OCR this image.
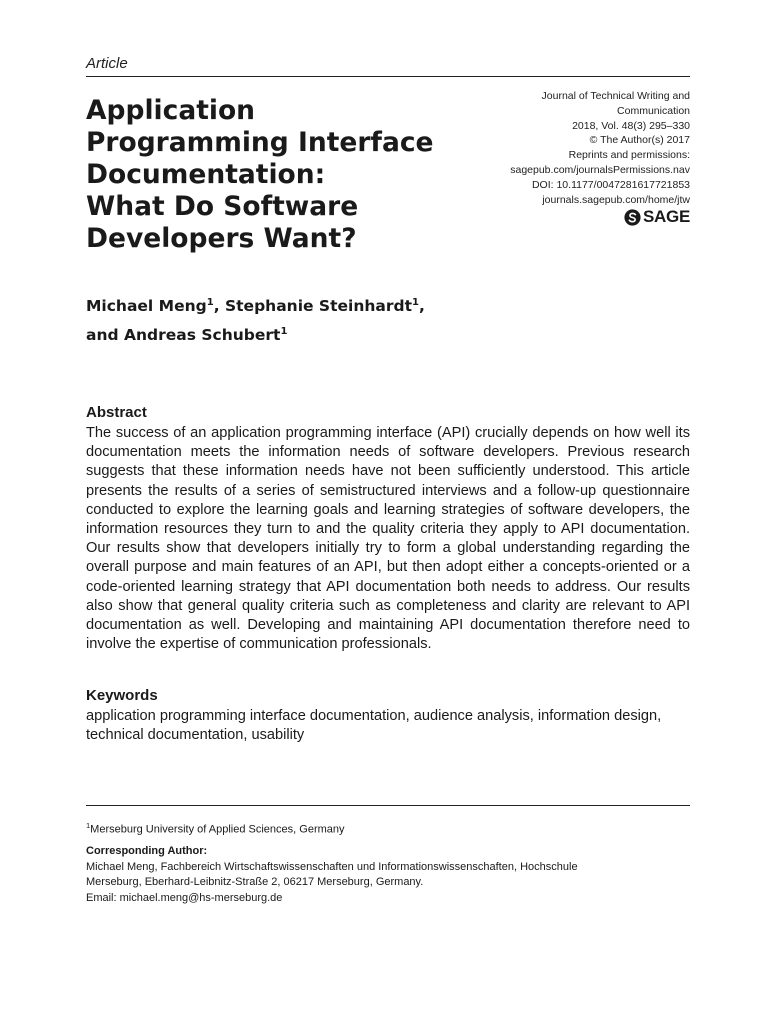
Article
Application
Programming Interface
Documentation:
What Do Software
Developers Want?
Journal of Technical Writing and
Communication
2018, Vol. 48(3) 295–330
© The Author(s) 2017
Reprints and permissions:
sagepub.com/journalsPermissions.nav
DOI: 10.1177/0047281617721853
journals.sagepub.com/home/jtw
SAGE
Michael Meng$^1$, Stephanie Steinhardt$^1$,
and Andreas Schubert$^1$
Abstract

The success of an application programming interface (API) crucially depends on how well its documentation meets the information needs of software developers. Previous research suggests that these information needs have not been sufficiently understood. This article presents the results of a series of semistructured interviews and a follow-up questionnaire conducted to explore the learning goals and learning strategies of software developers, the information resources they turn to and the quality criteria they apply to API documentation. Our results show that developers initially try to form a global understanding regarding the overall purpose and main features of an API, but then adopt either a concepts-oriented or a code-oriented learning strategy that API documentation both needs to address. Our results also show that general quality criteria such as completeness and clarity are relevant to API documentation as well. Developing and maintaining API documentation therefore need to involve the expertise of communication professionals.

Keywords

application programming interface documentation, audience analysis, information design, technical documentation, usability

$^1$Merseburg University of Applied Sciences, Germany
Corresponding Author:
Michael Meng, Fachbereich Wirtschaftswissenschaften und Informationswissenschaften, Hochschule
Merseburg, Eberhard-Leibnitz-Straße 2, 06217 Merseburg, Germany.
Email: michael.meng@hs-merseburg.de
